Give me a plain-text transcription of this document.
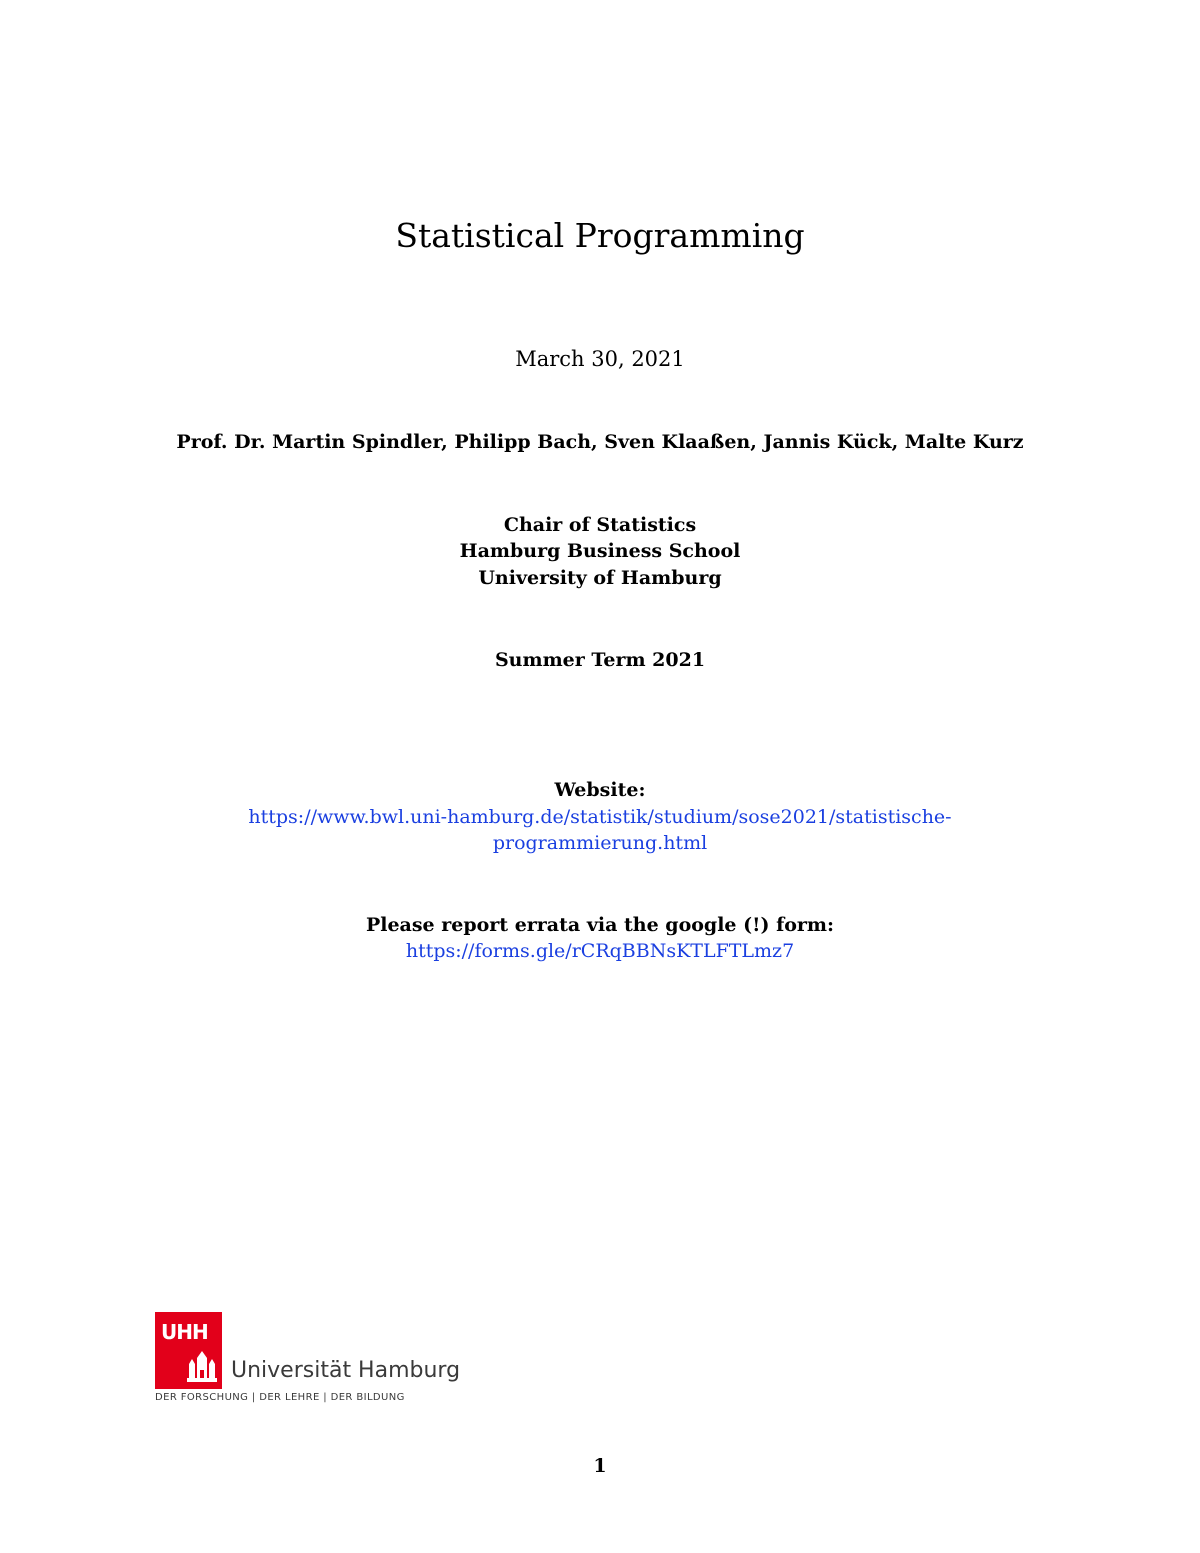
Statistical Programming
March 30, 2021
Prof. Dr. Martin Spindler, Philipp Bach, Sven Klaaßen, Jannis Kück, Malte Kurz
Chair of Statistics
Hamburg Business School
University of Hamburg
Summer Term 2021
Website:
https://www.bwl.uni-hamburg.de/statistik/studium/sose2021/statistische-
programmierung.html
Please report errata via the google (!) form:
https://forms.gle/rCRqBBNsKTLFTLmz7
UHH
Universität Hamburg
DER FORSCHUNG | DER LEHRE | DER BILDUNG
1
